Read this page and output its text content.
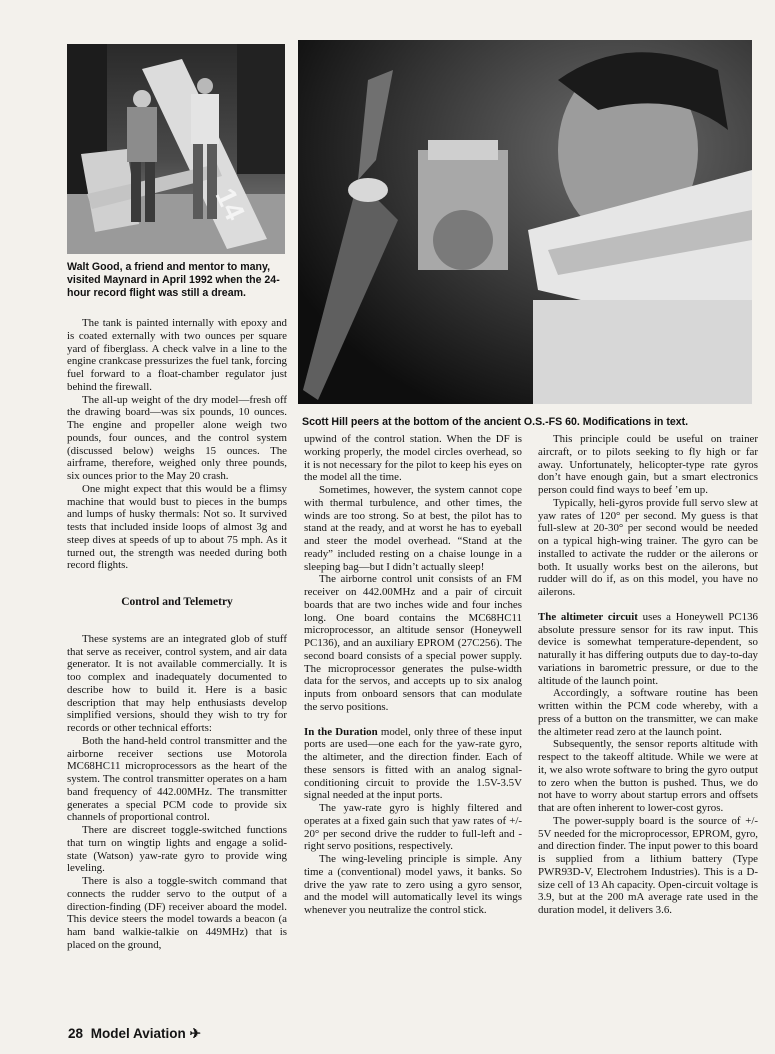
14
Walt Good, a friend and mentor to many, visited Maynard in April 1992 when the 24-hour record flight was still a dream.
Scott Hill peers at the bottom of the ancient O.S.-FS 60. Modifications in text.

The tank is painted internally with epoxy and is coated externally with two ounces per square yard of fiberglass. A check valve in a line to the engine crankcase pressurizes the fuel tank, forcing fuel forward to a float-chamber regulator just behind the firewall.

The all-up weight of the dry model—fresh off the drawing board—was six pounds, 10 ounces. The engine and propeller alone weigh two pounds, four ounces, and the control system (discussed below) weighs 15 ounces. The airframe, therefore, weighed only three pounds, six ounces prior to the May 20 crash.

One might expect that this would be a flimsy machine that would bust to pieces in the bumps and lumps of husky thermals: Not so. It survived tests that included inside loops of almost 3g and steep dives at speeds of up to about 75 mph. As it turned out, the strength was needed during both record flights.

Control and Telemetry

These systems are an integrated glob of stuff that serve as receiver, control system, and air data generator. It is not available commercially. It is too complex and inadequately documented to describe how to build it. Here is a basic description that may help enthusiasts develop simplified versions, should they wish to try for records or other technical efforts:

Both the hand-held control transmitter and the airborne receiver sections use Motorola MC68HC11 microprocessors as the heart of the system. The control transmitter operates on a ham band frequency of 442.00MHz. The transmitter generates a special PCM code to provide six channels of proportional control.

There are discreet toggle-switched functions that turn on wingtip lights and engage a solid-state (Watson) yaw-rate gyro to provide wing leveling.

There is also a toggle-switch command that connects the rudder servo to the output of a direction-finding (DF) receiver aboard the model. This device steers the model towards a beacon (a ham band walkie-talkie on 449MHz) that is placed on the ground,

upwind of the control station. When the DF is working properly, the model circles overhead, so it is not necessary for the pilot to keep his eyes on the model all the time.

Sometimes, however, the system cannot cope with thermal turbulence, and other times, the winds are too strong. So at best, the pilot has to stand at the ready, and at worst he has to eyeball and steer the model overhead. “Stand at the ready” included resting on a chaise lounge in a sleeping bag—but I didn’t actually sleep!

The airborne control unit consists of an FM receiver on 442.00MHz and a pair of circuit boards that are two inches wide and four inches long. One board contains the MC68HC11 microprocessor, an altitude sensor (Honeywell PC136), and an auxiliary EPROM (27C256). The second board consists of a special power supply. The microprocessor generates the pulse-width data for the servos, and accepts up to six analog inputs from onboard sensors that can modulate the servo positions.

In the Duration model, only three of these input ports are used—one each for the yaw-rate gyro, the altimeter, and the direction finder. Each of these sensors is fitted with an analog signal-conditioning circuit to provide the 1.5V-3.5V signal needed at the input ports.

The yaw-rate gyro is highly filtered and operates at a fixed gain such that yaw rates of +/- 20° per second drive the rudder to full-left and -right servo positions, respectively.

The wing-leveling principle is simple. Any time a (conventional) model yaws, it banks. So drive the yaw rate to zero using a gyro sensor, and the model will automatically level its wings whenever you neutralize the control stick.

This principle could be useful on trainer aircraft, or to pilots seeking to fly high or far away. Unfortunately, helicopter-type rate gyros don’t have enough gain, but a smart electronics person could find ways to beef ’em up.

Typically, heli-gyros provide full servo slew at yaw rates of 120° per second. My guess is that full-slew at 20-30° per second would be needed on a typical high-wing trainer. The gyro can be installed to activate the rudder or the ailerons or both. It usually works best on the ailerons, but rudder will do if, as on this model, you have no ailerons.

The altimeter circuit uses a Honeywell PC136 absolute pressure sensor for its raw input. This device is somewhat temperature-dependent, so naturally it has differing outputs due to day-to-day variations in barometric pressure, or due to the altitude of the launch point.

Accordingly, a software routine has been written within the PCM code whereby, with a press of a button on the transmitter, we can make the altimeter read zero at the launch point.

Subsequently, the sensor reports altitude with respect to the takeoff altitude. While we were at it, we also wrote software to bring the gyro output to zero when the button is pushed. Thus, we do not have to worry about startup errors and offsets that are often inherent to lower-cost gyros.

The power-supply board is the source of +/- 5V needed for the microprocessor, EPROM, gyro, and direction finder. The input power to this board is supplied from a lithium battery (Type PWR93D-V, Electrohem Industries). This is a D-size cell of 13 Ah capacity. Open-circuit voltage is 3.9, but at the 200 mA average rate used in the duration model, it delivers 3.6.

28 Model Aviation ✈
